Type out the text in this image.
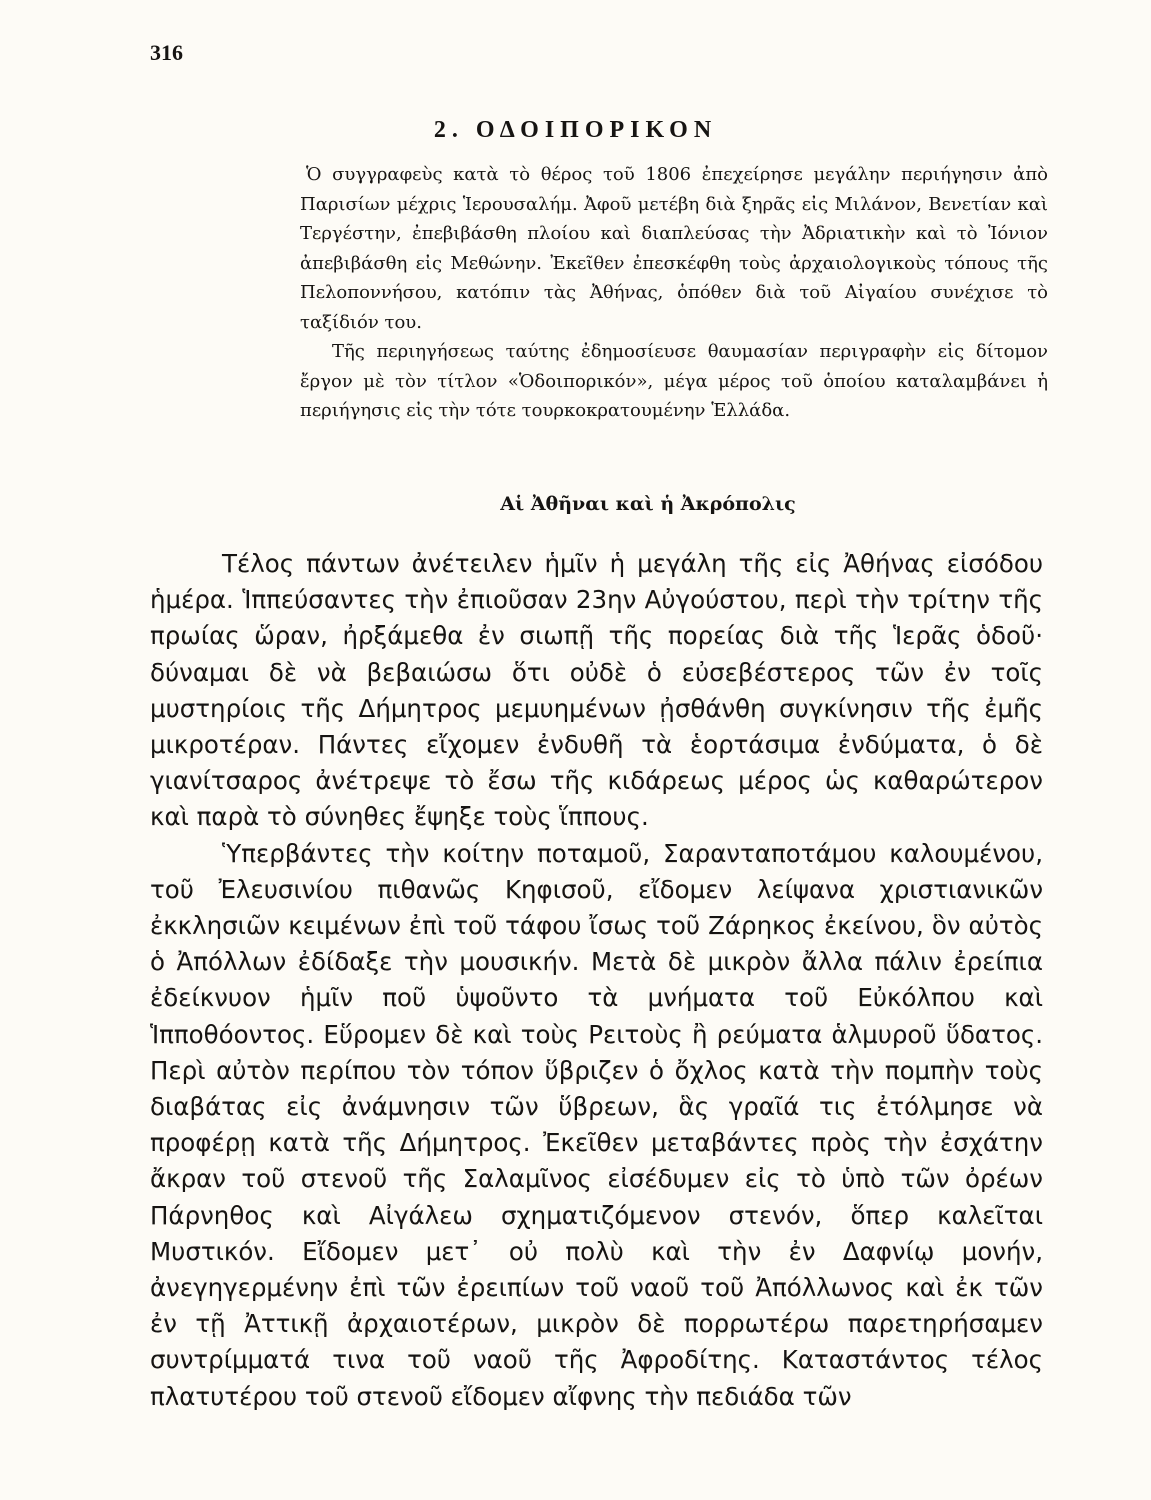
316
2. ΟΔΟΙΠΟΡΙΚΟΝ

Ὁ συγγραφεὺς κατὰ τὸ θέρος τοῦ 1806 ἐπεχείρησε μεγάλην περιήγησιν ἀπὸ Παρισίων μέχρις Ἱερουσαλήμ. Ἀφοῦ μετέβη διὰ ξηρᾶς εἰς Μιλάνον, Βενετίαν καὶ Τεργέστην, ἐπεβιβάσθη πλοίου καὶ διαπλεύσας τὴν Ἀδριατικὴν καὶ τὸ Ἰόνιον ἀπεβιβάσθη εἰς Μεθώνην. Ἐκεῖθεν ἐπεσκέφθη τοὺς ἀρχαιολογικοὺς τόπους τῆς Πελοποννήσου, κατόπιν τὰς Ἀθήνας, ὁπόθεν διὰ τοῦ Αἰγαίου συνέχισε τὸ ταξίδιόν του.

Τῆς περιηγήσεως ταύτης ἐδημοσίευσε θαυμασίαν περιγραφὴν εἰς δίτομον ἔργον μὲ τὸν τίτλον «Ὁδοιπορικόν», μέγα μέρος τοῦ ὁποίου καταλαμβάνει ἡ περιήγησις εἰς τὴν τότε τουρκοκρατουμένην Ἑλλάδα.

Αἱ Ἀθῆναι καὶ ἡ Ἀκρόπολις

Τέλος πάντων ἀνέτειλεν ἡμῖν ἡ μεγάλη τῆς εἰς Ἀθήνας εἰσόδου ἡμέρα. Ἱππεύσαντες τὴν ἐπιοῦσαν 23ην Αὐγούστου, περὶ τὴν τρίτην τῆς πρωίας ὥραν, ἠρξάμεθα ἐν σιωπῇ τῆς πορείας διὰ τῆς Ἱερᾶς ὁδοῦ· δύναμαι δὲ νὰ βεβαιώσω ὅτι οὐδὲ ὁ εὐσεβέστερος τῶν ἐν τοῖς μυστηρίοις τῆς Δήμητρος μεμυημένων ᾐσθάνθη συγκίνησιν τῆς ἐμῆς μικροτέραν. Πάντες εἴχομεν ἐνδυθῆ τὰ ἑορτάσιμα ἐνδύματα, ὁ δὲ γιανίτσαρος ἀνέτρεψε τὸ ἔσω τῆς κιδάρεως μέρος ὡς καθαρώτερον καὶ παρὰ τὸ σύνηθες ἔψηξε τοὺς ἵππους.

Ὑπερβάντες τὴν κοίτην ποταμοῦ, Σαρανταποτάμου καλουμένου, τοῦ Ἐλευσινίου πιθανῶς Κηφισοῦ, εἴδομεν λείψανα χριστιανικῶν ἐκκλησιῶν κειμένων ἐπὶ τοῦ τάφου ἴσως τοῦ Ζάρηκος ἐκείνου, ὃν αὐτὸς ὁ Ἀπόλλων ἐδίδαξε τὴν μουσικήν. Μετὰ δὲ μικρὸν ἄλλα πάλιν ἐρείπια ἐδείκνυον ἡμῖν ποῦ ὑψοῦντο τὰ μνήματα τοῦ Εὐκόλπου καὶ Ἱπποθόοντος. Εὕρομεν δὲ καὶ τοὺς Ρειτοὺς ἢ ρεύματα ἁλμυροῦ ὕδατος. Περὶ αὐτὸν περίπου τὸν τόπον ὕβριζεν ὁ ὄχλος κατὰ τὴν πομπὴν τοὺς διαβάτας εἰς ἀνάμνησιν τῶν ὕβρεων, ἃς γραῖά τις ἐτόλμησε νὰ προφέρῃ κατὰ τῆς Δήμητρος. Ἐκεῖθεν μεταβάντες πρὸς τὴν ἐσχάτην ἄκραν τοῦ στενοῦ τῆς Σαλαμῖνος εἰσέδυμεν εἰς τὸ ὑπὸ τῶν ὀρέων Πάρνηθος καὶ Αἰγάλεω σχηματιζόμενον στενόν, ὅπερ καλεῖται Μυστικόν. Εἴδομεν μετ᾽ οὐ πολὺ καὶ τὴν ἐν Δαφνίῳ μονήν, ἀνεγηγερμένην ἐπὶ τῶν ἐρειπίων τοῦ ναοῦ τοῦ Ἀπόλλωνος καὶ ἐκ τῶν ἐν τῇ Ἀττικῇ ἀρχαιοτέρων, μικρὸν δὲ πορρωτέρω παρετηρήσαμεν συντρίμματά τινα τοῦ ναοῦ τῆς Ἀφροδίτης. Καταστάντος τέλος πλατυτέρου τοῦ στενοῦ εἴδομεν αἴφνης τὴν πεδιάδα τῶν
